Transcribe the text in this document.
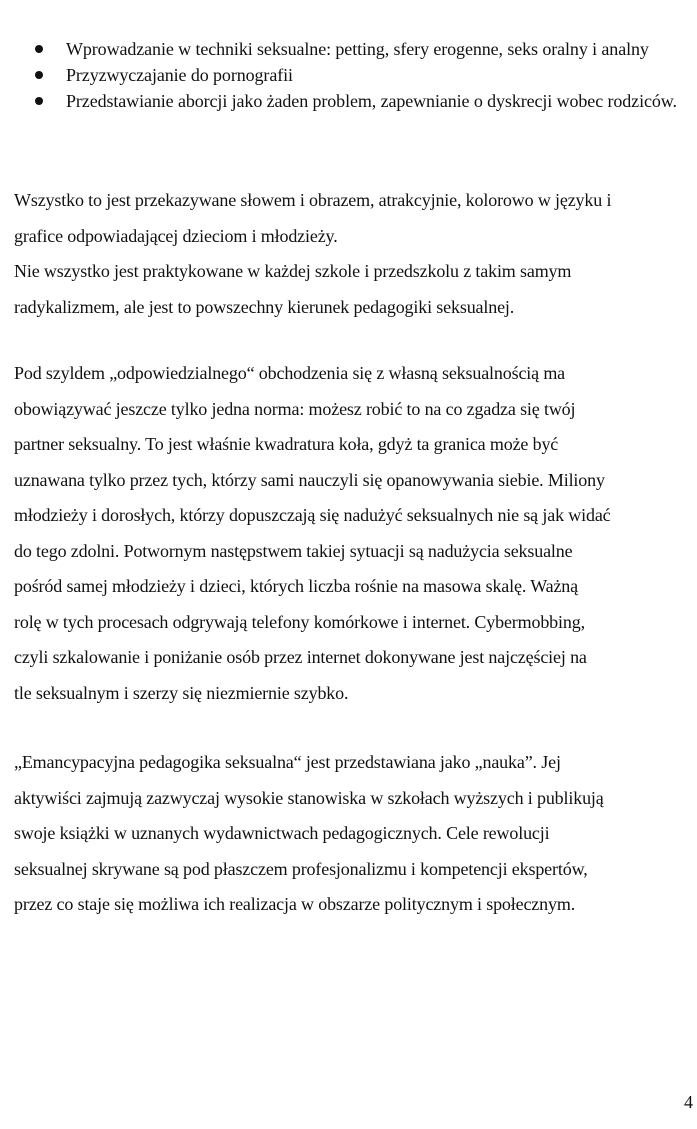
Wprowadzanie w techniki seksualne: petting, sfery erogenne, seks oralny i analny
Przyzwyczajanie do pornografii
Przedstawianie aborcji jako żaden problem, zapewnianie o dyskrecji wobec rodziców.

Wszystko to jest przekazywane słowem i obrazem, atrakcyjnie, kolorowo w języku i
grafice odpowiadającej dzieciom i młodzieży.
Nie wszystko jest praktykowane w każdej szkole i przedszkolu z takim samym
radykalizmem, ale jest to powszechny kierunek pedagogiki seksualnej.

Pod szyldem „odpowiedzialnego“ obchodzenia się z własną seksualnością ma
obowiązywać jeszcze tylko jedna norma: możesz robić to na co zgadza się twój
partner seksualny. To jest właśnie kwadratura koła, gdyż ta granica może być
uznawana tylko przez tych, którzy sami nauczyli się opanowywania siebie. Miliony
młodzieży i dorosłych, którzy dopuszczają się nadużyć seksualnych nie są jak widać
do tego zdolni. Potwornym następstwem takiej sytuacji są nadużycia seksualne
pośród samej młodzieży i dzieci, których liczba rośnie na masowa skalę. Ważną
rolę w tych procesach odgrywają telefony komórkowe i internet. Cybermobbing,
czyli szkalowanie i poniżanie osób przez internet dokonywane jest najczęściej na
tle seksualnym i szerzy się niezmiernie szybko.

„Emancypacyjna pedagogika seksualna“ jest przedstawiana jako „nauka”. Jej
aktywiści zajmują zazwyczaj wysokie stanowiska w szkołach wyższych i publikują
swoje książki w uznanych wydawnictwach pedagogicznych. Cele rewolucji
seksualnej skrywane są pod płaszczem profesjonalizmu i kompetencji ekspertów,
przez co staje się możliwa ich realizacja w obszarze politycznym i społecznym.

4
